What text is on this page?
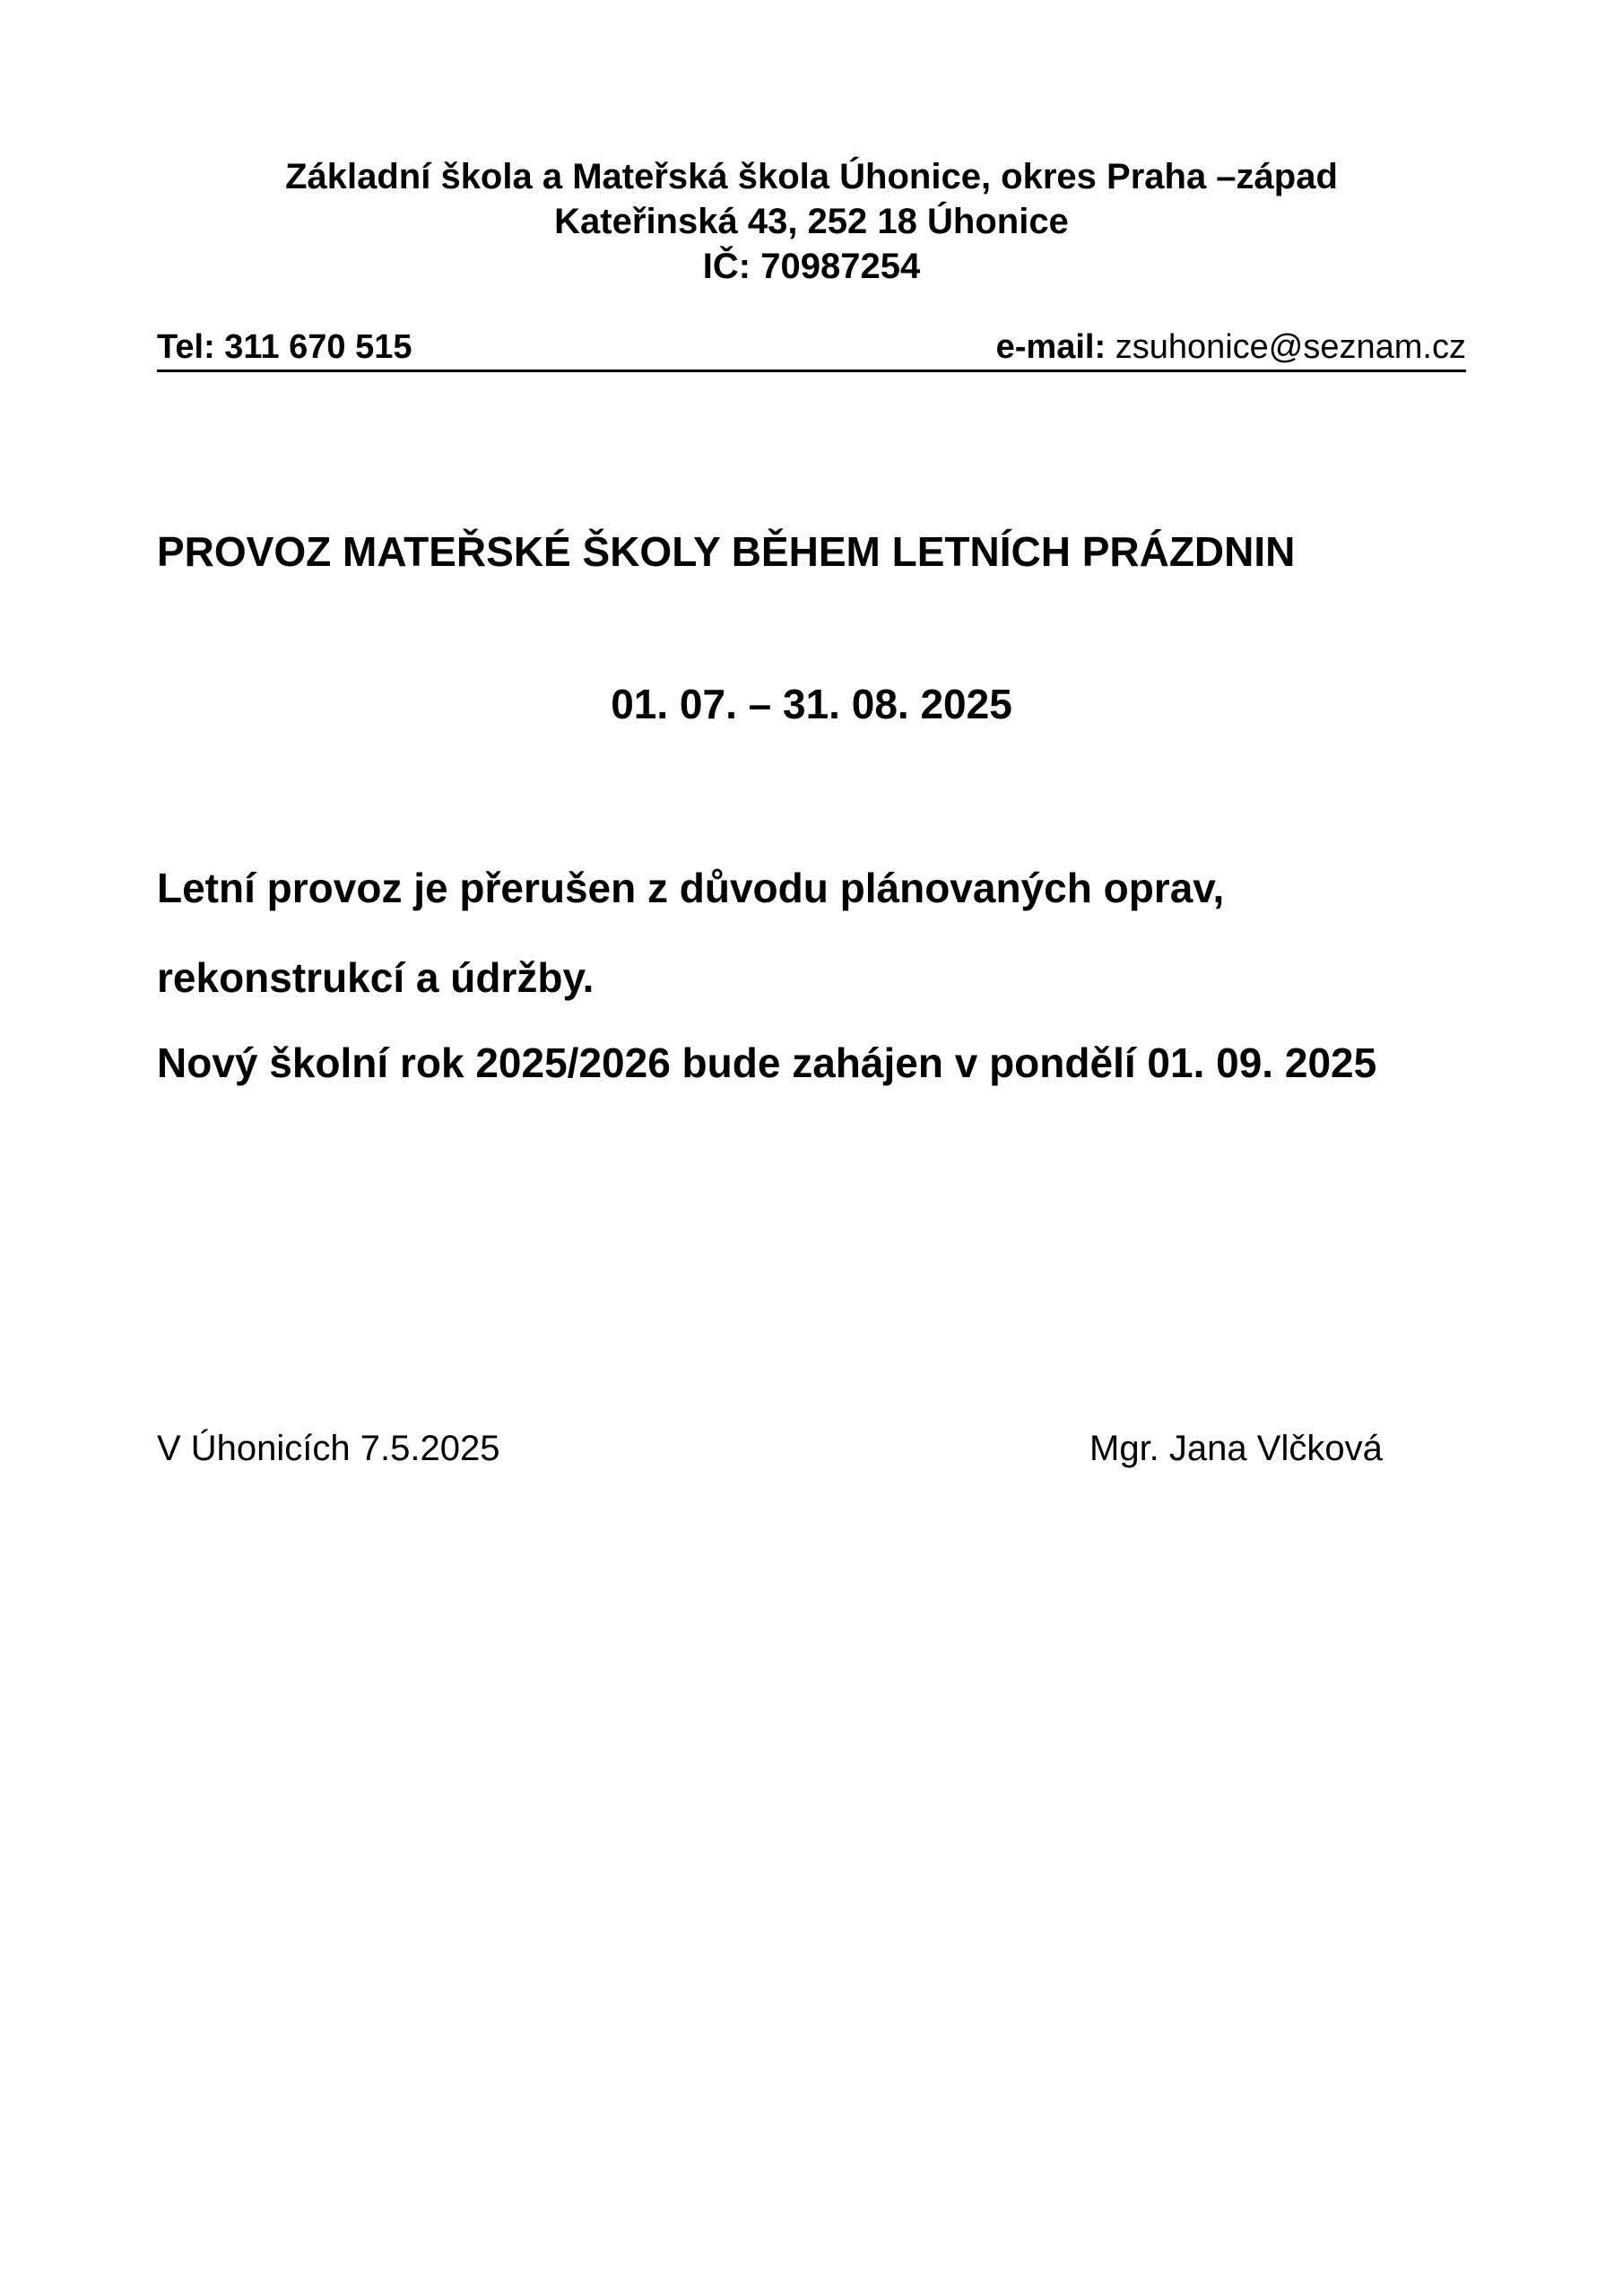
Základní škola a Mateřská škola Úhonice, okres Praha –západ
Kateřinská 43, 252 18 Úhonice
IČ: 70987254
Tel: 311 670 515	e-mail: zsuhonice@seznam.cz
PROVOZ MATEŘSKÉ ŠKOLY BĚHEM LETNÍCH PRÁZDNIN
01. 07. – 31. 08. 2025
Letní provoz je přerušen z důvodu plánovaných oprav,
rekonstrukcí a údržby.
Nový školní rok 2025/2026 bude zahájen v pondělí 01. 09. 2025
V Úhonicích 7.5.2025	Mgr. Jana Vlčková
